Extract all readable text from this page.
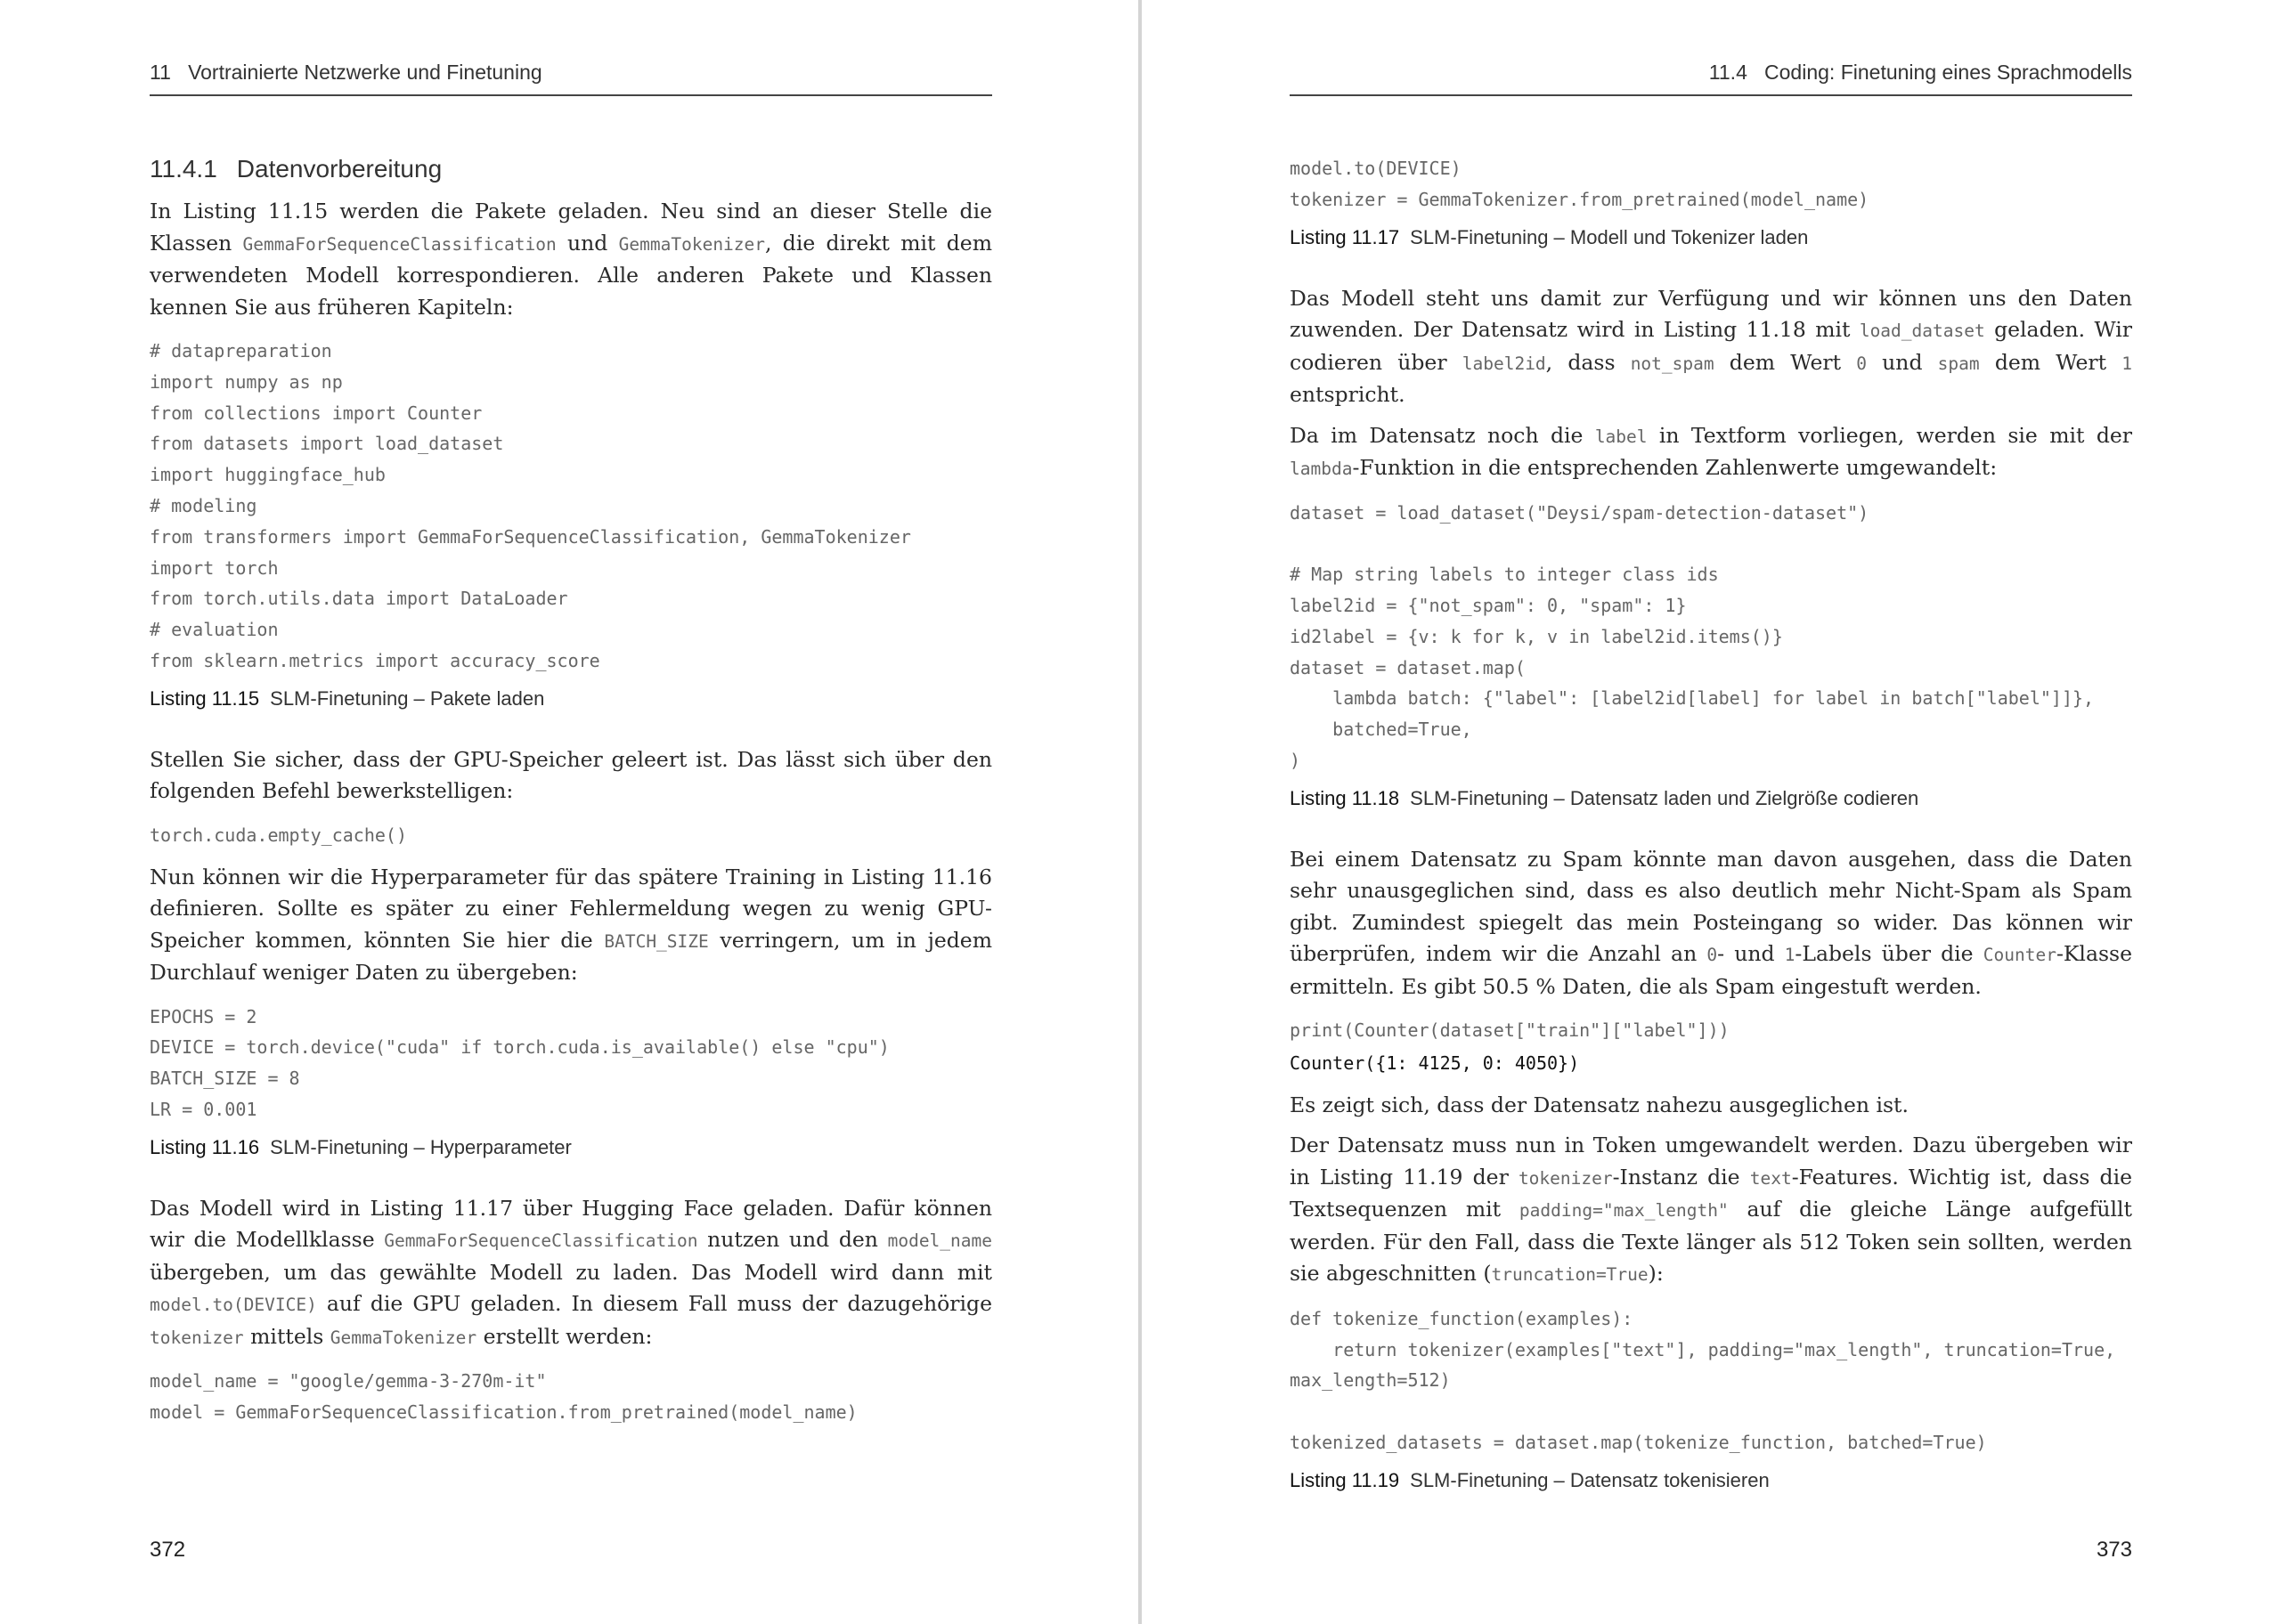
11 Vortrainierte Netzwerke und Finetuning
11.4.1 Datenvorbereitung

In Listing 11.15 werden die Pakete geladen. Neu sind an dieser Stelle die Klassen GemmaForSequenceClassification und GemmaTokenizer, die direkt mit dem verwendeten Modell korrespondieren. Alle anderen Pakete und Klassen kennen Sie aus früheren Kapiteln:

# datapreparation
import numpy as np
from collections import Counter
from datasets import load_dataset
import huggingface_hub
# modeling
from transformers import GemmaForSequenceClassification, GemmaTokenizer
import torch
from torch.utils.data import DataLoader
# evaluation
from sklearn.metrics import accuracy_score
Listing 11.15 SLM-Finetuning – Pakete laden

Stellen Sie sicher, dass der GPU-Speicher geleert ist. Das lässt sich über den folgenden Befehl bewerkstelligen:

torch.cuda.empty_cache()

Nun können wir die Hyperparameter für das spätere Training in Listing 11.16 definieren. Sollte es später zu einer Fehlermeldung wegen zu wenig GPU-Speicher kommen, könnten Sie hier die BATCH_SIZE verringern, um in jedem Durchlauf weniger Daten zu übergeben:

EPOCHS = 2
DEVICE = torch.device("cuda" if torch.cuda.is_available() else "cpu")
BATCH_SIZE = 8
LR = 0.001
Listing 11.16 SLM-Finetuning – Hyperparameter

Das Modell wird in Listing 11.17 über Hugging Face geladen. Dafür können wir die Modellklasse GemmaForSequenceClassification nutzen und den model_name übergeben, um das gewählte Modell zu laden. Das Modell wird dann mit model.to(DEVICE) auf die GPU geladen. In diesem Fall muss der dazugehörige tokenizer mittels GemmaTokenizer erstellt werden:

model_name = "google/gemma-3-270m-it"
model = GemmaForSequenceClassification.from_pretrained(model_name)
372
11.4 Coding: Finetuning eines Sprachmodells
model.to(DEVICE)
tokenizer = GemmaTokenizer.from_pretrained(model_name)
Listing 11.17 SLM-Finetuning – Modell und Tokenizer laden

Das Modell steht uns damit zur Verfügung und wir können uns den Daten zuwenden. Der Datensatz wird in Listing 11.18 mit load_dataset geladen. Wir codieren über label2id, dass not_spam dem Wert 0 und spam dem Wert 1 entspricht.

Da im Datensatz noch die label in Textform vorliegen, werden sie mit der lambda-Funktion in die entsprechenden Zahlenwerte umgewandelt:

dataset = load_dataset("Deysi/spam-detection-dataset")

# Map string labels to integer class ids
label2id = {"not_spam": 0, "spam": 1}
id2label = {v: k for k, v in label2id.items()}
dataset = dataset.map(
lambda batch: {"label": [label2id[label] for label in batch["label"]]},
batched=True,
)
Listing 11.18 SLM-Finetuning – Datensatz laden und Zielgröße codieren

Bei einem Datensatz zu Spam könnte man davon ausgehen, dass die Daten sehr unausgeglichen sind, dass es also deutlich mehr Nicht-Spam als Spam gibt. Zumindest spiegelt das mein Posteingang so wider. Das können wir überprüfen, indem wir die Anzahl an 0- und 1-Labels über die Counter-Klasse ermitteln. Es gibt 50.5 % Daten, die als Spam eingestuft werden.

print(Counter(dataset["train"]["label"]))
Counter({1: 4125, 0: 4050})

Es zeigt sich, dass der Datensatz nahezu ausgeglichen ist.

Der Datensatz muss nun in Token umgewandelt werden. Dazu übergeben wir in Listing 11.19 der tokenizer-Instanz die text-Features. Wichtig ist, dass die Textsequenzen mit padding="max_length" auf die gleiche Länge aufgefüllt werden. Für den Fall, dass die Texte länger als 512 Token sein sollten, werden sie abgeschnitten (truncation=True):

def tokenize_function(examples):
return tokenizer(examples["text"], padding="max_length", truncation=True,
max_length=512)

tokenized_datasets = dataset.map(tokenize_function, batched=True)
Listing 11.19 SLM-Finetuning – Datensatz tokenisieren
373
